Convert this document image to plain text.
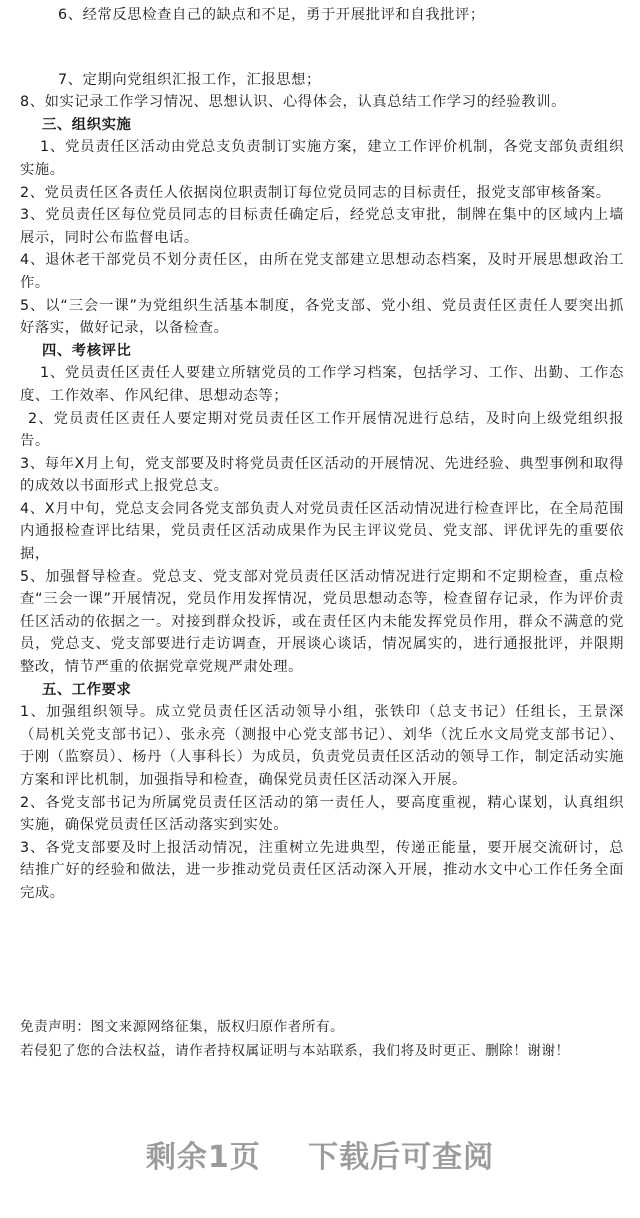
6、经常反思检查自己的缺点和不足，勇于开展批评和自我批评；

7、定期向党组织汇报工作，汇报思想；

8、如实记录工作学习情况、思想认识、心得体会，认真总结工作学习的经验教训。

三、组织实施

1、党员责任区活动由党总支负责制订实施方案，建立工作评价机制，各党支部负责组织实施。

2、党员责任区各责任人依据岗位职责制订每位党员同志的目标责任，报党支部审核备案。

3、党员责任区每位党员同志的目标责任确定后，经党总支审批，制牌在集中的区域内上墙展示，同时公布监督电话。

4、退休老干部党员不划分责任区，由所在党支部建立思想动态档案，及时开展思想政治工作。

5、以“三会一课”为党组织生活基本制度，各党支部、党小组、党员责任区责任人要突出抓好落实，做好记录，以备检查。

四、考核评比

1、党员责任区责任人要建立所辖党员的工作学习档案，包括学习、工作、出勤、工作态度、工作效率、作风纪律、思想动态等；

2、党员责任区责任人要定期对党员责任区工作开展情况进行总结，及时向上级党组织报告。

3、每年X月上旬，党支部要及时将党员责任区活动的开展情况、先进经验、典型事例和取得的成效以书面形式上报党总支。

4、X月中旬，党总支会同各党支部负责人对党员责任区活动情况进行检查评比，在全局范围内通报检查评比结果，党员责任区活动成果作为民主评议党员、党支部、评优评先的重要依据，

5、加强督导检查。党总支、党支部对党员责任区活动情况进行定期和不定期检查，重点检查“三会一课”开展情况，党员作用发挥情况，党员思想动态等，检查留存记录，作为评价责任区活动的依据之一。对接到群众投诉，或在责任区内未能发挥党员作用，群众不满意的党员，党总支、党支部要进行走访调查，开展谈心谈话，情况属实的，进行通报批评，并限期整改，情节严重的依据党章党规严肃处理。

五、工作要求

1、加强组织领导。成立党员责任区活动领导小组，张铁印（总支书记）任组长，王景深（局机关党支部书记）、张永亮（测报中心党支部书记）、刘华（沈丘水文局党支部书记）、于刚（监察员）、杨丹（人事科长）为成员，负责党员责任区活动的领导工作，制定活动实施方案和评比机制，加强指导和检查，确保党员责任区活动深入开展。

2、各党支部书记为所属党员责任区活动的第一责任人，要高度重视，精心谋划，认真组织实施，确保党员责任区活动落实到实处。

3、各党支部要及时上报活动情况，注重树立先进典型，传递正能量，要开展交流研讨，总结推广好的经验和做法，进一步推动党员责任区活动深入开展，推动水文中心工作任务全面完成。

免责声明：图文来源网络征集，版权归原作者所有。
若侵犯了您的合法权益，请作者持权属证明与本站联系，我们将及时更正、删除！谢谢！
剩余1页 下载后可查阅
